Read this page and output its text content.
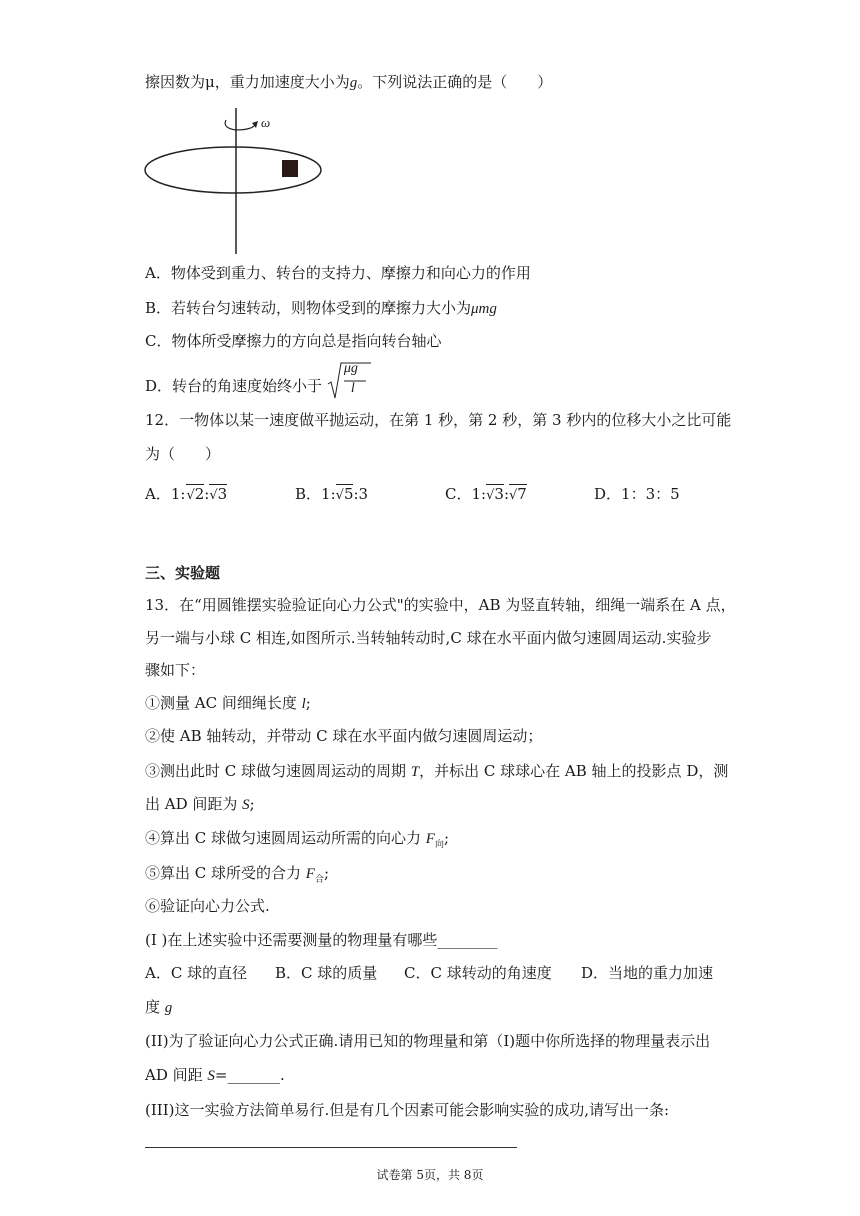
擦因数为μ，重力加速度大小为g。下列说法正确的是（　　）
ω
A．物体受到重力、转台的支持力、摩擦力和向心力的作用
B．若转台匀速转动，则物体受到的摩擦力大小为μmg
C．物体所受摩擦力的方向总是指向转台轴心
D．转台的角速度始终小于
μg
l
12．一物体以某一速度做平抛运动，在第 1 秒，第 2 秒，第 3 秒内的位移大小之比可能
为（　　）
A．1:√2:√3	B．1:√5:3	C．1:√3:√7	D．1：3：5
三、实验题
13．在“用圆锥摆实验验证向心力公式"的实验中，AB 为竖直转轴，细绳一端系在 A 点，
另一端与小球 C 相连,如图所示.当转轴转动时,C 球在水平面内做匀速圆周运动.实验步
骤如下：
①测量 AC 间细绳长度 l;
②使 AB 轴转动，并带动 C 球在水平面内做匀速圆周运动；
③测出此时 C 球做匀速圆周运动的周期 T，并标出 C 球球心在 AB 轴上的投影点 D，测
出 AD 间距为 S;
④算出 C 球做匀速圆周运动所需的向心力 $F_向$;
⑤算出 C 球所受的合力 $F_合$;
⑥验证向心力公式.
(I )在上述实验中还需要测量的物理量有哪些________
A．C 球的直径 B．C 球的质量 C．C 球转动的角速度 D．当地的重力加速
度 g
(II)为了验证向心力公式正确.请用已知的物理量和第（I)题中你所选择的物理量表示出
AD 间距 S=_______.
(III)这一实验方法简单易行.但是有几个因素可能会影响实验的成功,请写出一条:
试卷第 5页，共 8页
